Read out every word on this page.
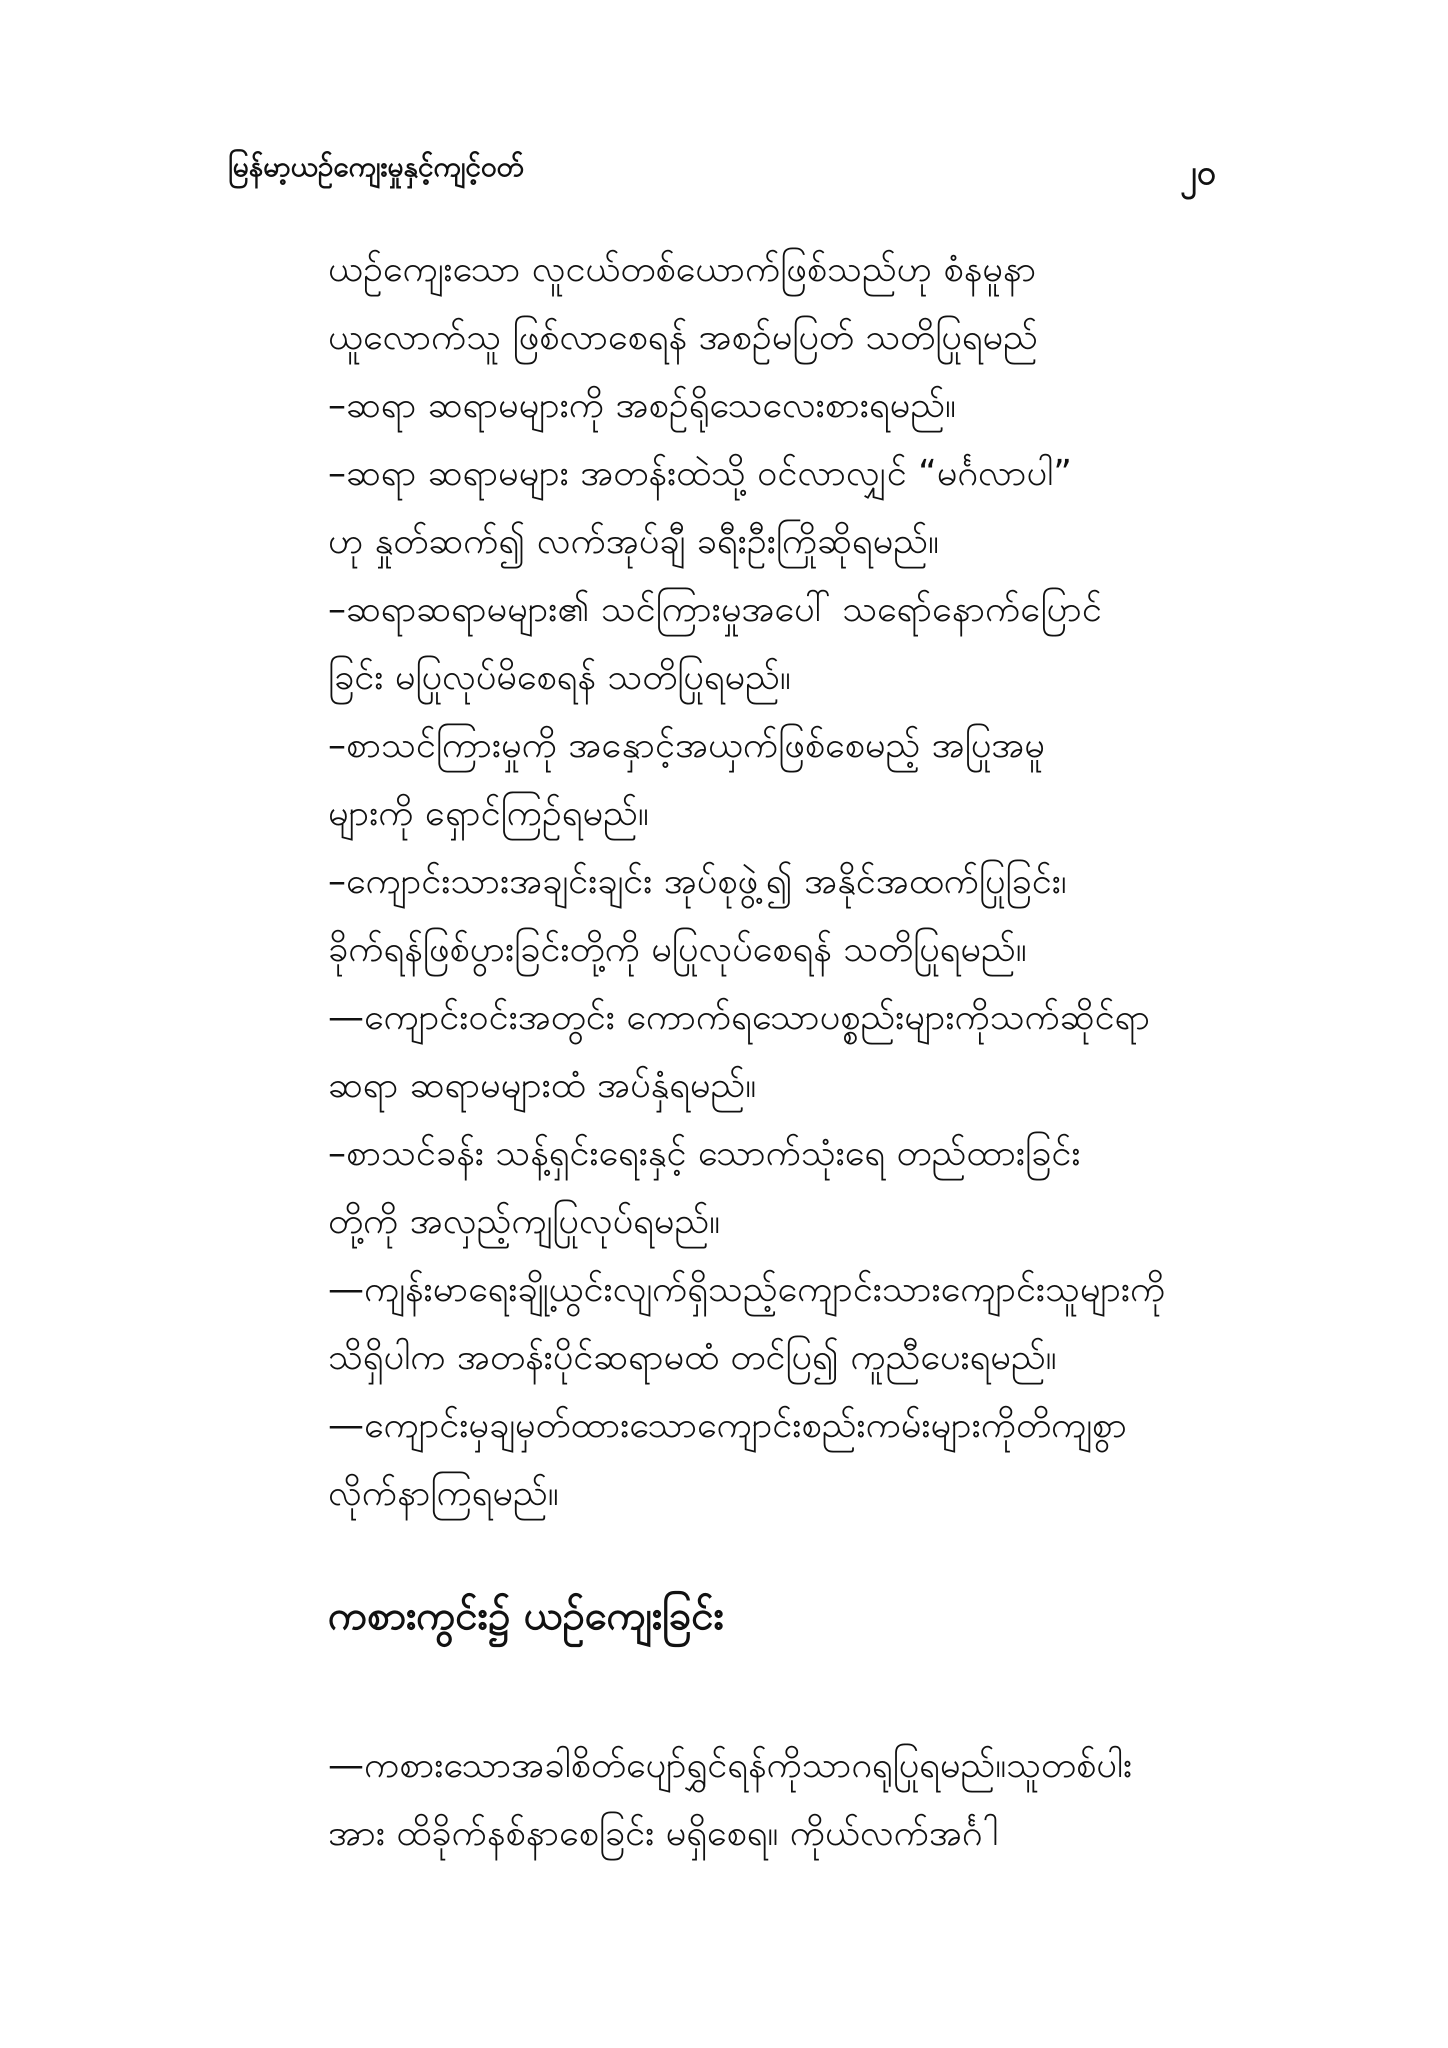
မြန်မာ့ယဉ်ကျေးမှုနှင့်ကျင့်ဝတ်	၂၀
ယဉ်ကျေးသော လူငယ်တစ်ယောက်ဖြစ်သည်ဟု စံနမူနာ
ယူလောက်သူ ဖြစ်လာစေရန် အစဉ်မပြတ် သတိပြုရမည်
–ဆရာ ဆရာမများကို အစဉ်ရိုသေလေးစားရမည်။
–ဆရာ ဆရာမများ အတန်းထဲသို့ ဝင်လာလျှင် “မင်္ဂလာပါ”
ဟု နှုတ်ဆက်၍ လက်အုပ်ချီ ခရီးဦးကြိုဆိုရမည်။
–ဆရာဆရာမများ၏ သင်ကြားမှုအပေါ် သရော်နောက်ပြောင်
ခြင်း မပြုလုပ်မိစေရန် သတိပြုရမည်။
–စာသင်ကြားမှုကို အနှောင့်အယှက်ဖြစ်စေမည့် အပြုအမူ
များကို ရှောင်ကြဉ်ရမည်။
–ကျောင်းသားအချင်းချင်း အုပ်စုဖွဲ့၍ အနိုင်အထက်ပြုခြင်း၊
ခိုက်ရန်ဖြစ်ပွားခြင်းတို့ကို မပြုလုပ်စေရန် သတိပြုရမည်။
—ကျောင်းဝင်းအတွင်း ကောက်ရသောပစ္စည်းများကိုသက်ဆိုင်ရာ
ဆရာ ဆရာမများထံ အပ်နှံရမည်။
–စာသင်ခန်း သန့်ရှင်းရေးနှင့် သောက်သုံးရေ တည်ထားခြင်း
တို့ကို အလှည့်ကျပြုလုပ်ရမည်။
—ကျန်းမာရေးချို့ယွင်းလျက်ရှိသည့်ကျောင်းသားကျောင်းသူများကို
သိရှိပါက အတန်းပိုင်ဆရာမထံ တင်ပြ၍ ကူညီပေးရမည်။
—ကျောင်းမှချမှတ်ထားသောကျောင်းစည်းကမ်းများကိုတိကျစွာ
လိုက်နာကြရမည်။
ကစားကွင်း၌ ယဉ်ကျေးခြင်း
—ကစားသောအခါစိတ်ပျော်ရွှင်ရန်ကိုသာဂရုပြုရမည်။သူတစ်ပါး
အား ထိခိုက်နစ်နာစေခြင်း မရှိစေရ။ ကိုယ်လက်အင်္ဂါ
